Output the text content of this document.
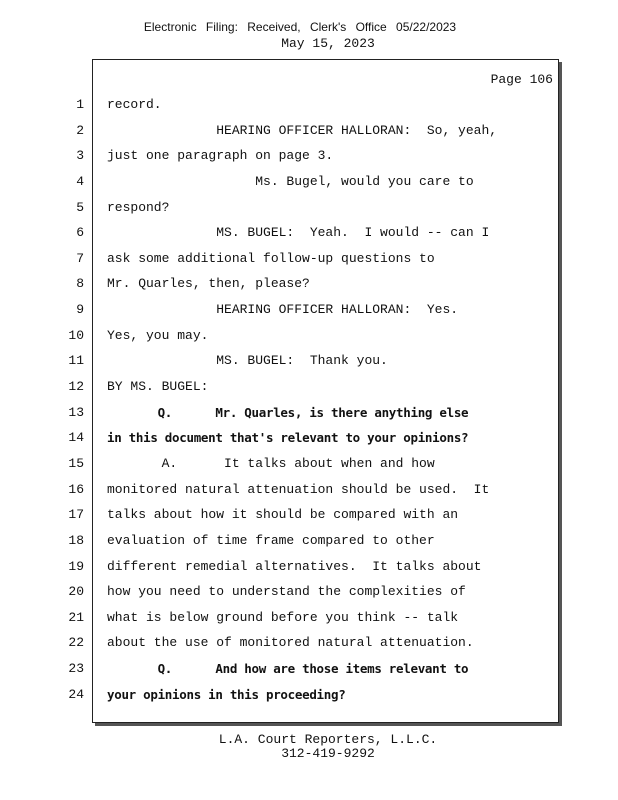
Electronic Filing: Received, Clerk's Office 05/22/2023
May 15, 2023
Page 106
1
2
3
4
5
6
7
8
9
10
11
12
13
14
15
16
17
18
19
20
21
22
23
24
record.
HEARING OFFICER HALLORAN:  So, yeah,
just one paragraph on page 3.
Ms. Bugel, would you care to
respond?
MS. BUGEL:  Yeah.  I would -- can I
ask some additional follow-up questions to
Mr. Quarles, then, please?
HEARING OFFICER HALLORAN:  Yes.
Yes, you may.
MS. BUGEL:  Thank you.
BY MS. BUGEL:
Q.      Mr. Quarles, is there anything else
in this document that's relevant to your opinions?
A.      It talks about when and how
monitored natural attenuation should be used.  It
talks about how it should be compared with an
evaluation of time frame compared to other
different remedial alternatives.  It talks about
how you need to understand the complexities of
what is below ground before you think -- talk
about the use of monitored natural attenuation.
Q.      And how are those items relevant to
your opinions in this proceeding?
L.A. Court Reporters, L.L.C.
312-419-9292
